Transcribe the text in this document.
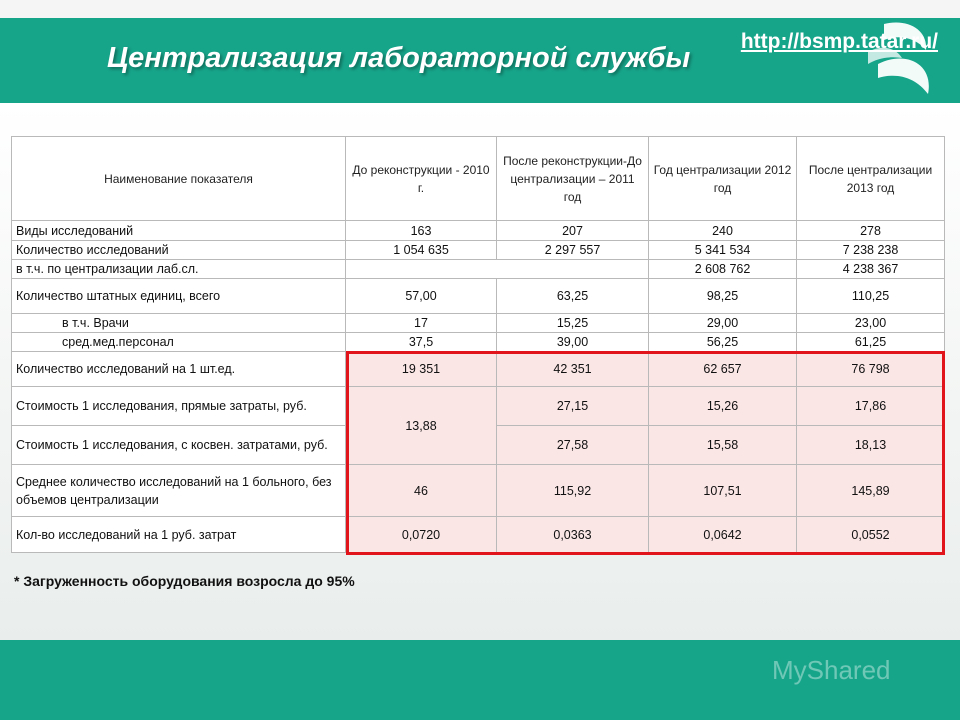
Централизация лабораторной службы
Наименование показателя	До реконструкции - 2010 г.	После реконструкции-До централизации – 2011 год	Год централизации 2012 год	После централизации 2013 год
Виды исследований	163	207	240	278
Количество исследований	1 054 635	2 297 557	5 341 534	7 238 238
в т.ч. по централизации лаб.сл.			2 608 762	4 238 367
Количество штатных единиц, всего	57,00	63,25	98,25	110,25
в т.ч. Врачи	17	15,25	29,00	23,00
сред.мед.персонал	37,5	39,00	56,25	61,25
Количество исследований на 1 шт.ед.	19 351	42 351	62 657	76 798
Стоимость 1 исследования, прямые затраты, руб.	13,88	27,15	15,26	17,86
Стоимость 1 исследования, с косвен. затратами, руб.		27,58	15,58	18,13
Среднее количество исследований на 1 больного, без объемов централизации	46	115,92	107,51	145,89
Кол-во исследований на 1 руб. затрат	0,0720	0,0363	0,0642	0,0552
* Загруженность оборудования возросла до 95%
MyShared
http://bsmp.tatar.ru/
